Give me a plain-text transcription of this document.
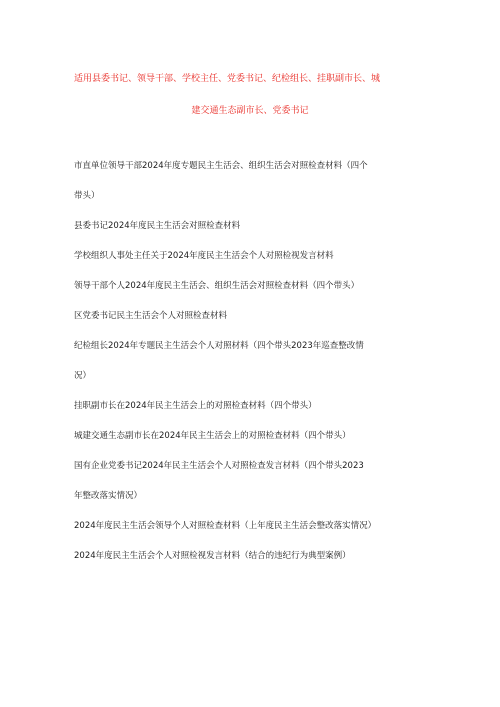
适用县委书记、领导干部、学校主任、党委书记、纪检组长、挂职副市长、城
建交通生态副市长、党委书记

市直单位领导干部2024年度专题民主生活会、组织生活会对照检查材料（四个
带头）

县委书记2024年度民主生活会对照检查材料

学校组织人事处主任关于2024年度民主生活会个人对照检视发言材料

领导干部个人2024年度民主生活会、组织生活会对照检查材料（四个带头）

区党委书记民主生活会个人对照检查材料

纪检组长2024年专题民主生活会个人对照材料（四个带头2023年巡查整改情
况）

挂职副市长在2024年民主生活会上的对照检查材料（四个带头）

城建交通生态副市长在2024年民主生活会上的对照检查材料（四个带头）

国有企业党委书记2024年民主生活会个人对照检查发言材料（四个带头2023
年整改落实情况）

2024年度民主生活会领导个人对照检查材料（上年度民主生活会整改落实情况）

2024年度民主生活会个人对照检视发言材料（结合的违纪行为典型案例）
